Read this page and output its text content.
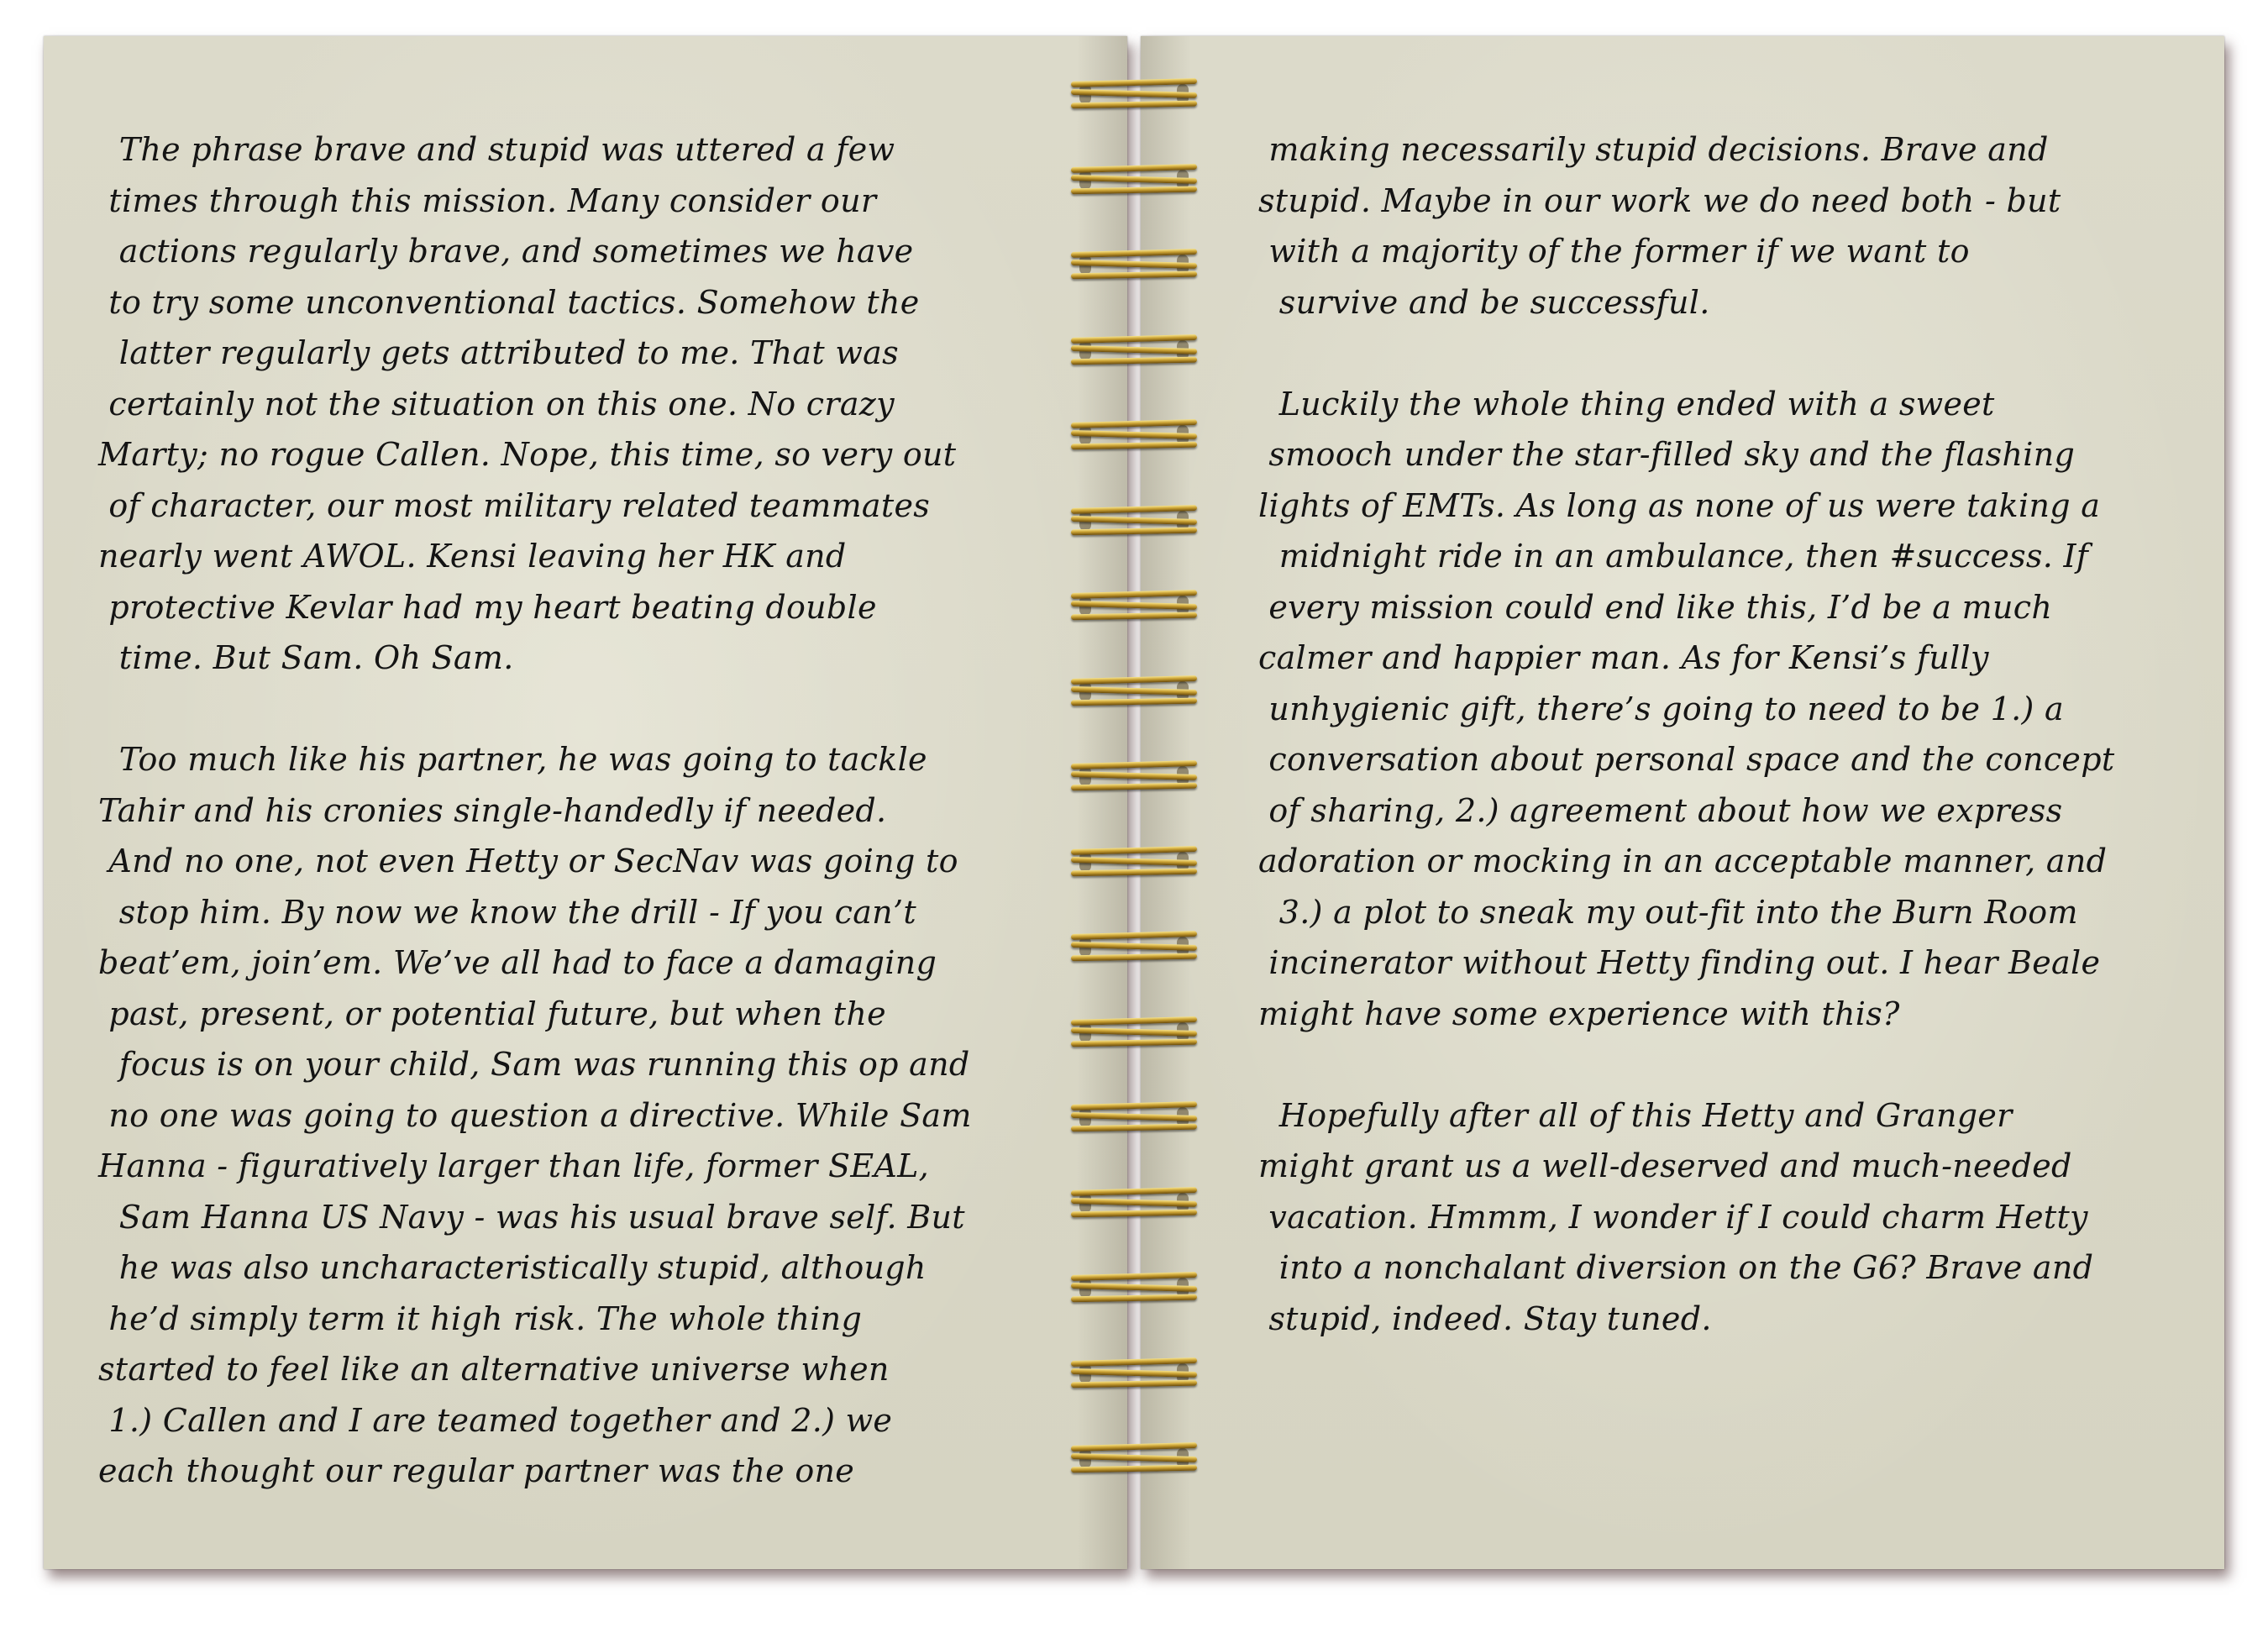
The phrase brave and stupid was uttered a few
times through this mission. Many consider our
actions regularly brave, and sometimes we have
to try some unconventional tactics. Somehow the
latter regularly gets attributed to me. That was
certainly not the situation on this one. No crazy
Marty; no rogue Callen. Nope, this time, so very out
of character, our most military related teammates
nearly went AWOL. Kensi leaving her HK and
protective Kevlar had my heart beating double
time. But Sam. Oh Sam.
Too much like his partner, he was going to tackle
Tahir and his cronies single-handedly if needed.
And no one, not even Hetty or SecNav was going to
stop him. By now we know the drill - If you can’t
beat’em, join’em. We’ve all had to face a damaging
past, present, or potential future, but when the
focus is on your child, Sam was running this op and
no one was going to question a directive. While Sam
Hanna - figuratively larger than life, former SEAL,
Sam Hanna US Navy - was his usual brave self. But
he was also uncharacteristically stupid, although
he’d simply term it high risk. The whole thing
started to feel like an alternative universe when
1.) Callen and I are teamed together and 2.) we
each thought our regular partner was the one
making necessarily stupid decisions. Brave and
stupid. Maybe in our work we do need both - but
with a majority of the former if we want to
survive and be successful.
Luckily the whole thing ended with a sweet
smooch under the star-filled sky and the flashing
lights of EMTs. As long as none of us were taking a
midnight ride in an ambulance, then #success. If
every mission could end like this, I’d be a much
calmer and happier man. As for Kensi’s fully
unhygienic gift, there’s going to need to be 1.) a
conversation about personal space and the concept
of sharing, 2.) agreement about how we express
adoration or mocking in an acceptable manner, and
3.) a plot to sneak my out-fit into the Burn Room
incinerator without Hetty finding out. I hear Beale
might have some experience with this?
Hopefully after all of this Hetty and Granger
might grant us a well-deserved and much-needed
vacation. Hmmm, I wonder if I could charm Hetty
into a nonchalant diversion on the G6? Brave and
stupid, indeed. Stay tuned.
